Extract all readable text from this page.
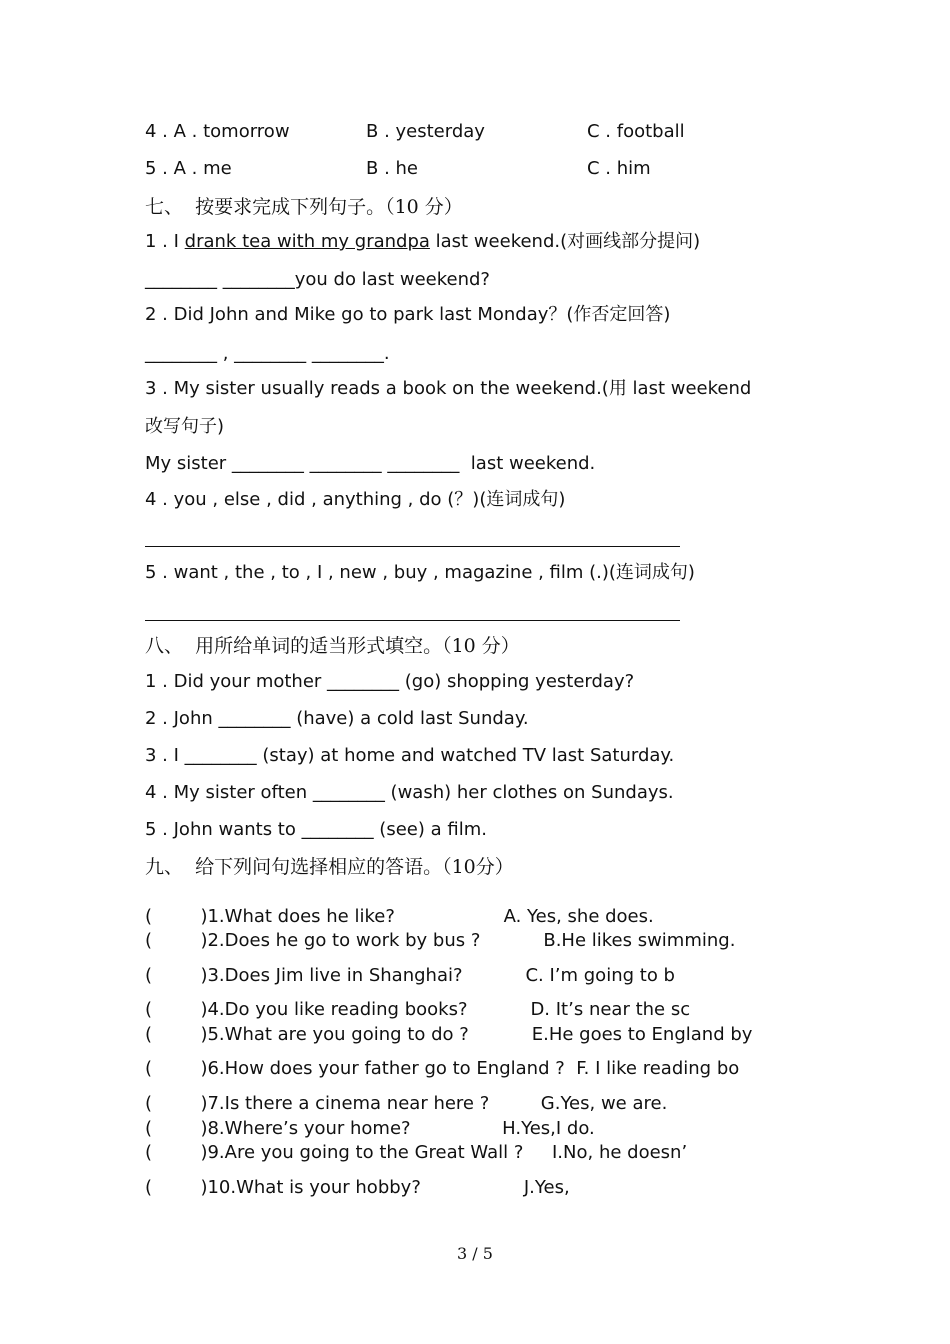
4 . A . tomorrow	B . yesterday	C . football
5 . A . me	B . he	C . him
七、  按要求完成下列句子。（10 分）
1 . I drank tea with my grandpa last weekend.(对画线部分提问)
________ ________you do last weekend?
2 . Did John and Mike go to park last Monday？(作否定回答)
________ , ________ ________.
3 . My sister usually reads a book on the weekend.(用 last weekend
改写句子)
My sister ________ ________ ________  last weekend.
4 . you , else , did , anything , do (？)(连词成句)
5 . want , the , to , I , new , buy , magazine , film (.)(连词成句)
八、  用所给单词的适当形式填空。（10 分）
1 . Did your mother ________ (go) shopping yesterday?
2 . John ________ (have) a cold last Sunday.
3 . I ________ (stay) at home and watched TV last Saturday.
4 . My sister often ________ (wash) her clothes on Sundays.
5 . John wants to ________ (see) a film.
九、  给下列问句选择相应的答语。（10分）
( )1.What does he like?                   A. Yes, she does.
( )2.Does he go to work by bus ?           B.He likes swimming.
( )3.Does Jim live in Shanghai?           C. I’m going to b
( )4.Do you like reading books?           D. It’s near the sc
( )5.What are you going to do ?           E.He goes to England by
( )6.How does your father go to England ?  F. I like reading bo
( )7.Is there a cinema near here ?         G.Yes, we are.
( )8.Where’s your home?                H.Yes,I do.
( )9.Are you going to the Great Wall ?     I.No, he doesn’
( )10.What is your hobby?                  J.Yes,
3 / 5
